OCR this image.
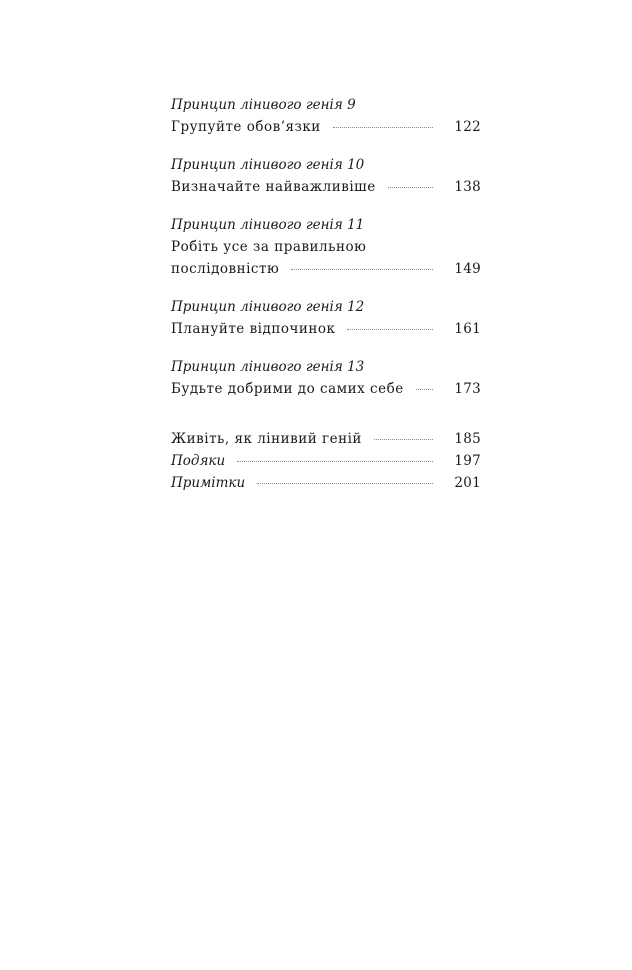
Принцип лінивого генія 9
Групуйте обов’язки	122
Принцип лінивого генія 10
Визначайте найважливіше	138
Принцип лінивого генія 11
Робіть усе за правильною
послідовністю	149
Принцип лінивого генія 12
Плануйте відпочинок	161
Принцип лінивого генія 13
Будьте добрими до самих себе	173
Живіть, як лінивий геній	185
Подяки	197
Примітки	201
